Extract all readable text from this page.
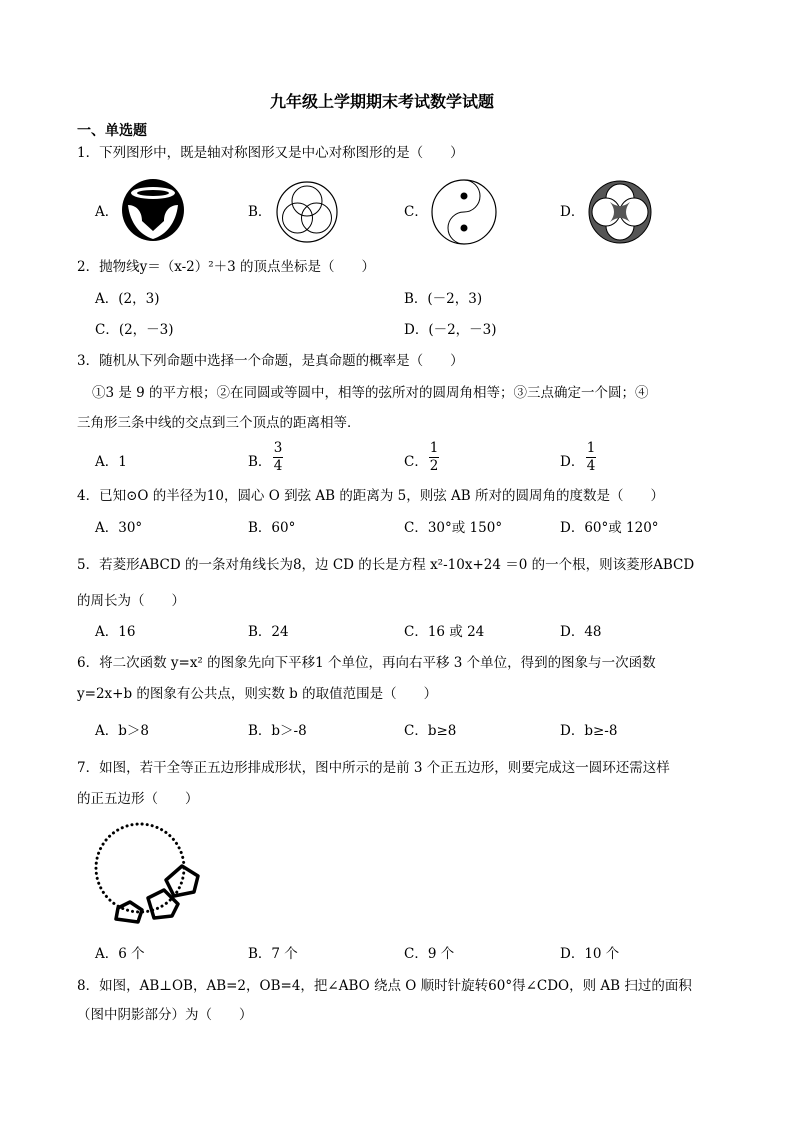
九年级上学期期末考试数学试题
一、单选题
1．下列图形中，既是轴对称图形又是中心对称图形的是（　　）
A．	B．	C．	D．
2．抛物线y＝（x-2）²＋3 的顶点坐标是（　　）
A．(2，3)	B．(－2，3)
C．(2，－3)	D．(－2，－3)
3．随机从下列命题中选择一个命题，是真命题的概率是（　　）
①3 是 9 的平方根；②在同圆或等圆中，相等的弦所对的圆周角相等；③三点确定一个圆；④
三角形三条中线的交点到三个顶点的距离相等．
A．1	B．
3
4	C．
1
2	D．
1
4
4．已知⊙O 的半径为10，圆心 O 到弦 AB 的距离为 5，则弦 AB 所对的圆周角的度数是（　　）
A．30°	B．60°	C．30°或 150°	D．60°或 120°
5．若菱形ABCD 的一条对角线长为8，边 CD 的长是方程 x²-10x+24 ＝0 的一个根，则该菱形ABCD
的周长为（　　）
A．16	B．24	C．16 或 24	D．48
6．将二次函数 y=x² 的图象先向下平移1 个单位，再向右平移 3 个单位，得到的图象与一次函数
y=2x+b 的图象有公共点，则实数 b 的取值范围是（　　）
A．b＞8	B．b＞-8	C．b≥8	D．b≥-8
7．如图，若干全等正五边形排成形状，图中所示的是前 3 个正五边形，则要完成这一圆环还需这样
的正五边形（　　）
A．6 个	B．7 个	C．9 个	D．10 个
8．如图，AB⊥OB，AB=2，OB=4，把∠ABO 绕点 O 顺时针旋转60°得∠CDO，则 AB 扫过的面积
（图中阴影部分）为（　　）
